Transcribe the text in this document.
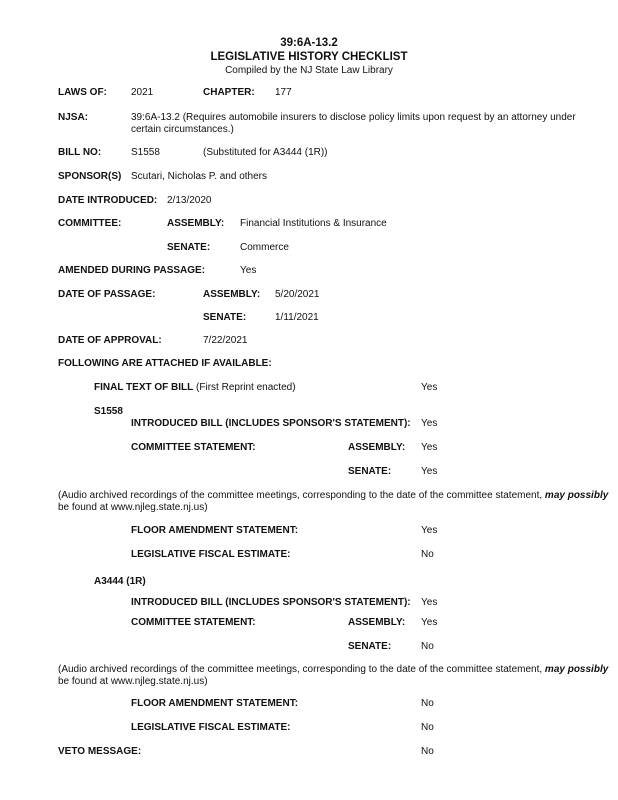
39:6A-13.2
LEGISLATIVE HISTORY CHECKLIST
Compiled by the NJ State Law Library
LAWS OF: 2021	CHAPTER: 177
NJSA:	39:6A-13.2 (Requires automobile insurers to disclose policy limits upon request by an attorney under certain circumstances.)
BILL NO:	S1558	(Substituted for A3444 (1R))
SPONSOR(S) Scutari, Nicholas P. and others
DATE INTRODUCED: 2/13/2020
COMMITTEE:	ASSEMBLY: Financial Institutions & Insurance
SENATE:	Commerce
AMENDED DURING PASSAGE:	Yes
DATE OF PASSAGE:	ASSEMBLY: 5/20/2021
SENATE:	1/11/2021
DATE OF APPROVAL:	7/22/2021
FOLLOWING ARE ATTACHED IF AVAILABLE:
FINAL TEXT OF BILL (First Reprint enacted)	Yes
S1558
INTRODUCED BILL (INCLUDES SPONSOR'S STATEMENT): Yes
COMMITTEE STATEMENT:	ASSEMBLY: Yes
SENATE:	Yes
(Audio archived recordings of the committee meetings, corresponding to the date of the committee statement, may possibly
be found at www.njleg.state.nj.us)
FLOOR AMENDMENT STATEMENT:	Yes
LEGISLATIVE FISCAL ESTIMATE:	No
A3444 (1R)
INTRODUCED BILL (INCLUDES SPONSOR'S STATEMENT): Yes
COMMITTEE STATEMENT:	ASSEMBLY: Yes
SENATE:	No
(Audio archived recordings of the committee meetings, corresponding to the date of the committee statement, may possibly
be found at www.njleg.state.nj.us)
FLOOR AMENDMENT STATEMENT:	No
LEGISLATIVE FISCAL ESTIMATE:	No
VETO MESSAGE:	No
